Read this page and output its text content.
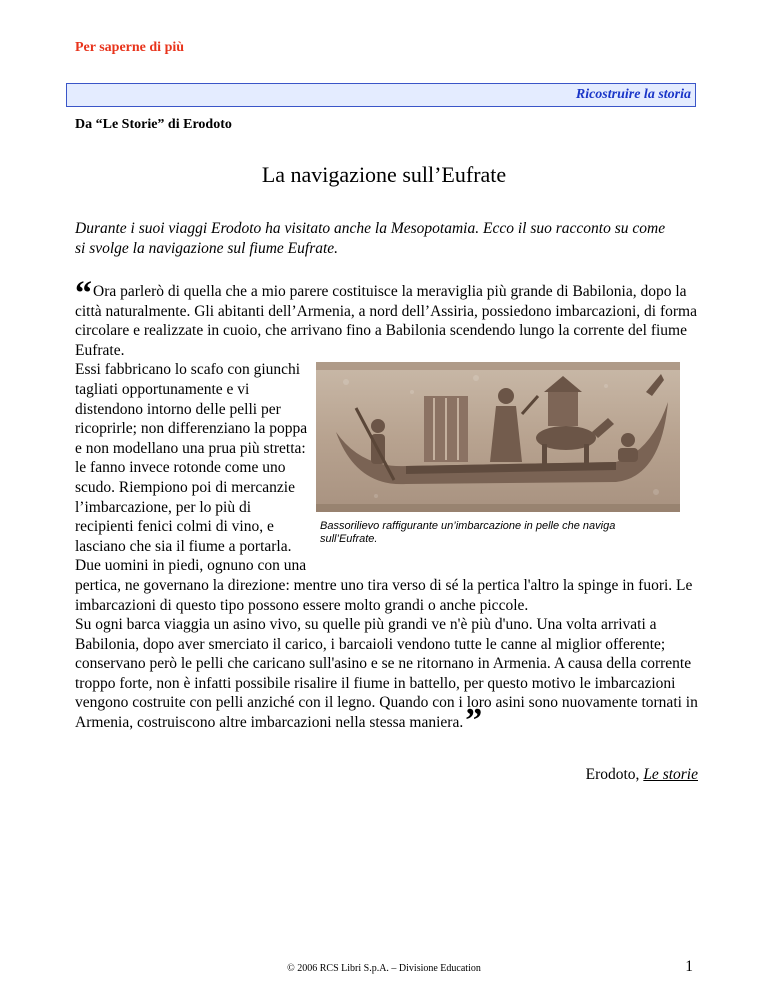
Per saperne di più
Ricostruire la storia
Da “Le Storie” di Erodoto
La navigazione sull’Eufrate
Durante i suoi viaggi Erodoto ha visitato anche la Mesopotamia. Ecco il suo racconto su come si svolge la navigazione sul fiume Eufrate.

“Ora parlerò di quella che a mio parere costituisce la meraviglia più grande di Babilonia, dopo la città naturalmente. Gli abitanti dell’Armenia, a nord dell’Assiria, possiedono imbarcazioni, di forma circolare e realizzate in cuoio, che arrivano fino a Babilonia scendendo lungo la corrente del fiume Eufrate.

Bassorilievo raffigurante un’imbarcazione in pelle che naviga sull’Eufrate.

Essi fabbricano lo scafo con giunchi tagliati opportunamente e vi distendono intorno delle pelli per ricoprirle; non differenziano la poppa e non modellano una prua più stretta: le fanno invece rotonde come uno scudo. Riempiono poi di mercanzie l’imbarcazione, per lo più di recipienti fenici colmi di vino, e lasciano che sia il fiume a portarla. Due uomini in piedi, ognuno con una pertica, ne governano la direzione: mentre uno tira verso di sé la pertica l'altro la spinge in fuori. Le imbarcazioni di questo tipo possono essere molto grandi o anche piccole.

Su ogni barca viaggia un asino vivo, su quelle più grandi ve n'è più d'uno. Una volta arrivati a Babilonia, dopo aver smerciato il carico, i barcaioli vendono tutte le canne al miglior offerente; conservano però le pelli che caricano sull'asino e se ne ritornano in Armenia. A causa della corrente troppo forte, non è infatti possibile risalire il fiume in battello, per questo motivo le imbarcazioni vengono costruite con pelli anziché con il legno. Quando con i loro asini sono nuovamente tornati in Armenia, costruiscono altre imbarcazioni nella stessa maniera.”

Erodoto, Le storie
© 2006 RCS Libri S.p.A. – Divisione Education	1
